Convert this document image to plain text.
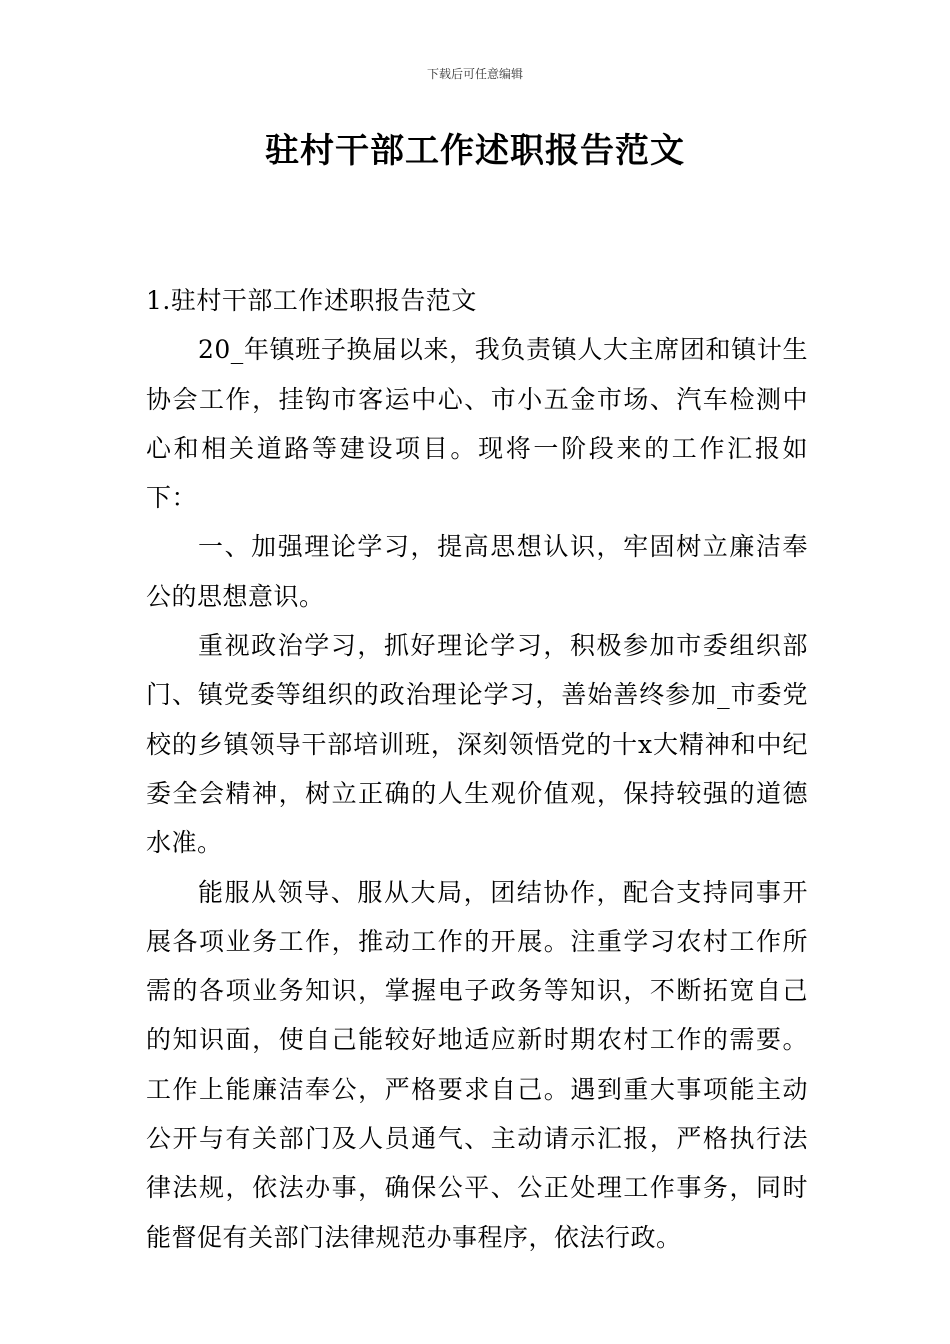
下载后可任意编辑
驻村干部工作述职报告范文

1.驻村干部工作述职报告范文

20_年镇班子换届以来，我负责镇人大主席团和镇计生协会工作，挂钩市客运中心、市小五金市场、汽车检测中心和相关道路等建设项目。现将一阶段来的工作汇报如下：

一、加强理论学习，提高思想认识，牢固树立廉洁奉公的思想意识。

重视政治学习，抓好理论学习，积极参加市委组织部门、镇党委等组织的政治理论学习，善始善终参加_市委党校的乡镇领导干部培训班，深刻领悟党的十x大精神和中纪委全会精神，树立正确的人生观价值观，保持较强的道德水准。

能服从领导、服从大局，团结协作，配合支持同事开展各项业务工作，推动工作的开展。注重学习农村工作所需的各项业务知识，掌握电子政务等知识，不断拓宽自己的知识面，使自己能较好地适应新时期农村工作的需要。工作上能廉洁奉公，严格要求自己。遇到重大事项能主动公开与有关部门及人员通气、主动请示汇报，严格执行法律法规，依法办事，确保公平、公正处理工作事务，同时能督促有关部门法律规范办事程序，依法行政。
